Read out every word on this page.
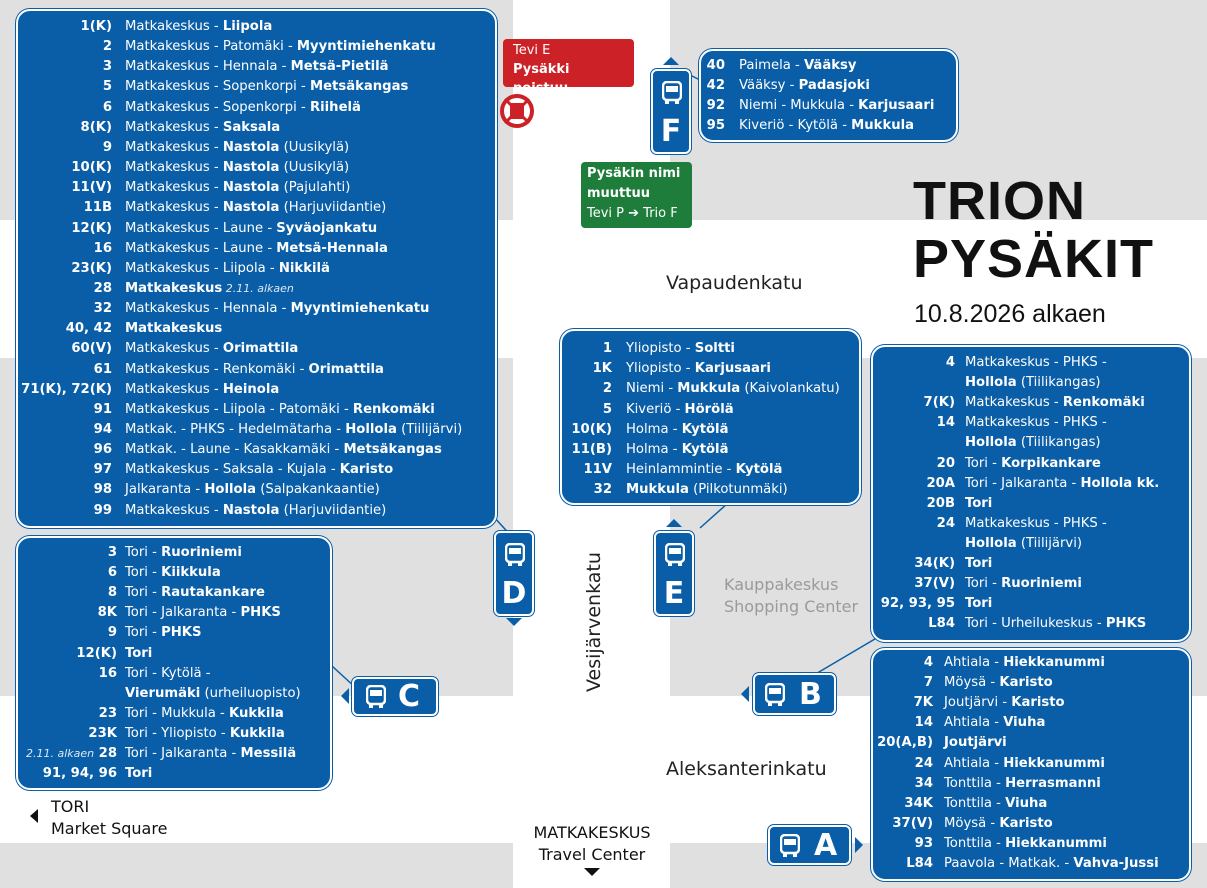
1(K) Matkakeskus - Liipola
2 Matkakeskus - Patomäki - Myyntimiehenkatu
3 Matkakeskus - Hennala - Metsä-Pietilä
5 Matkakeskus - Sopenkorpi - Metsäkangas
6 Matkakeskus - Sopenkorpi - Riihelä
8(K) Matkakeskus - Saksala
9 Matkakeskus - Nastola (Uusikylä)
10(K) Matkakeskus - Nastola (Uusikylä)
11(V) Matkakeskus - Nastola (Pajulahti)
11B Matkakeskus - Nastola (Harjuviidantie)
12(K) Matkakeskus - Laune - Syväojankatu
16 Matkakeskus - Laune - Metsä-Hennala
23(K) Matkakeskus - Liipola - Nikkilä
28 Matkakeskus 2.11. alkaen
32 Matkakeskus - Hennala - Myyntimiehenkatu
40, 42 Matkakeskus
60(V) Matkakeskus - Orimattila
61 Matkakeskus - Renkomäki - Orimattila
71(K), 72(K) Matkakeskus - Heinola
91 Matkakeskus - Liipola - Patomäki - Renkomäki
94 Matkak. - PHKS - Hedelmätarha - Hollola (Tiilijärvi)
96 Matkak. - Laune - Kasakkamäki - Metsäkangas
97 Matkakeskus - Saksala - Kujala - Karisto
98 Jalkaranta - Hollola (Salpakankaantie)
99 Matkakeskus - Nastola (Harjuviidantie)
3 Tori - Ruoriniemi
6 Tori - Kiikkula
8 Tori - Rautakankare
8K Tori - Jalkaranta - PHKS
9 Tori - PHKS
12(K) Tori
16 Tori - Kytölä -
Vierumäki (urheiluopisto)
23 Tori - Mukkula - Kukkila
23K Tori - Yliopisto - Kukkila
2.11. alkaen 28 Tori - Jalkaranta - Messilä
91, 94, 96 Tori
40 Paimela - Vääksy
42 Vääksy - Padasjoki
92 Niemi - Mukkula - Karjusaari
95 Kiveriö - Kytölä - Mukkula
1 Yliopisto - Soltti
1K Yliopisto - Karjusaari
2 Niemi - Mukkula (Kaivolankatu)
5 Kiveriö - Hörölä
10(K) Holma - Kytölä
11(B) Holma - Kytölä
11V Heinlammintie - Kytölä
32 Mukkula (Pilkotunmäki)
4 Matkakeskus - PHKS -
Hollola (Tiilikangas)
7(K) Matkakeskus - Renkomäki
14 Matkakeskus - PHKS -
Hollola (Tiilikangas)
20 Tori - Korpikankare
20A Tori - Jalkaranta - Hollola kk.
20B Tori
24 Matkakeskus - PHKS -
Hollola (Tiilijärvi)
34(K) Tori
37(V) Tori - Ruoriniemi
92, 93, 95 Tori
L84 Tori - Urheilukeskus - PHKS
4 Ahtiala - Hiekkanummi
7 Möysä - Karisto
7K Joutjärvi - Karisto
14 Ahtiala - Viuha
20(A,B) Joutjärvi
24 Ahtiala - Hiekkanummi
34 Tonttila - Herrasmanni
34K Tonttila - Viuha
37(V) Möysä - Karisto
93 Tonttila - Hiekkanummi
L84 Paavola - Matkak. - Vahva-Jussi
TRION
PYSÄKIT
10.8.2026 alkaen
Vapaudenkatu
Aleksanterinkatu
Vesijärvenkatu	Kauppakeskus
Shopping Center
TORI
Market Square	MATKAKESKUS
Travel Center
Tevi E
Pysäkki poistuu
Pysäkin nimi
muuttuu
Tevi P ➔ Trio F
F
E
D
C	B
A
